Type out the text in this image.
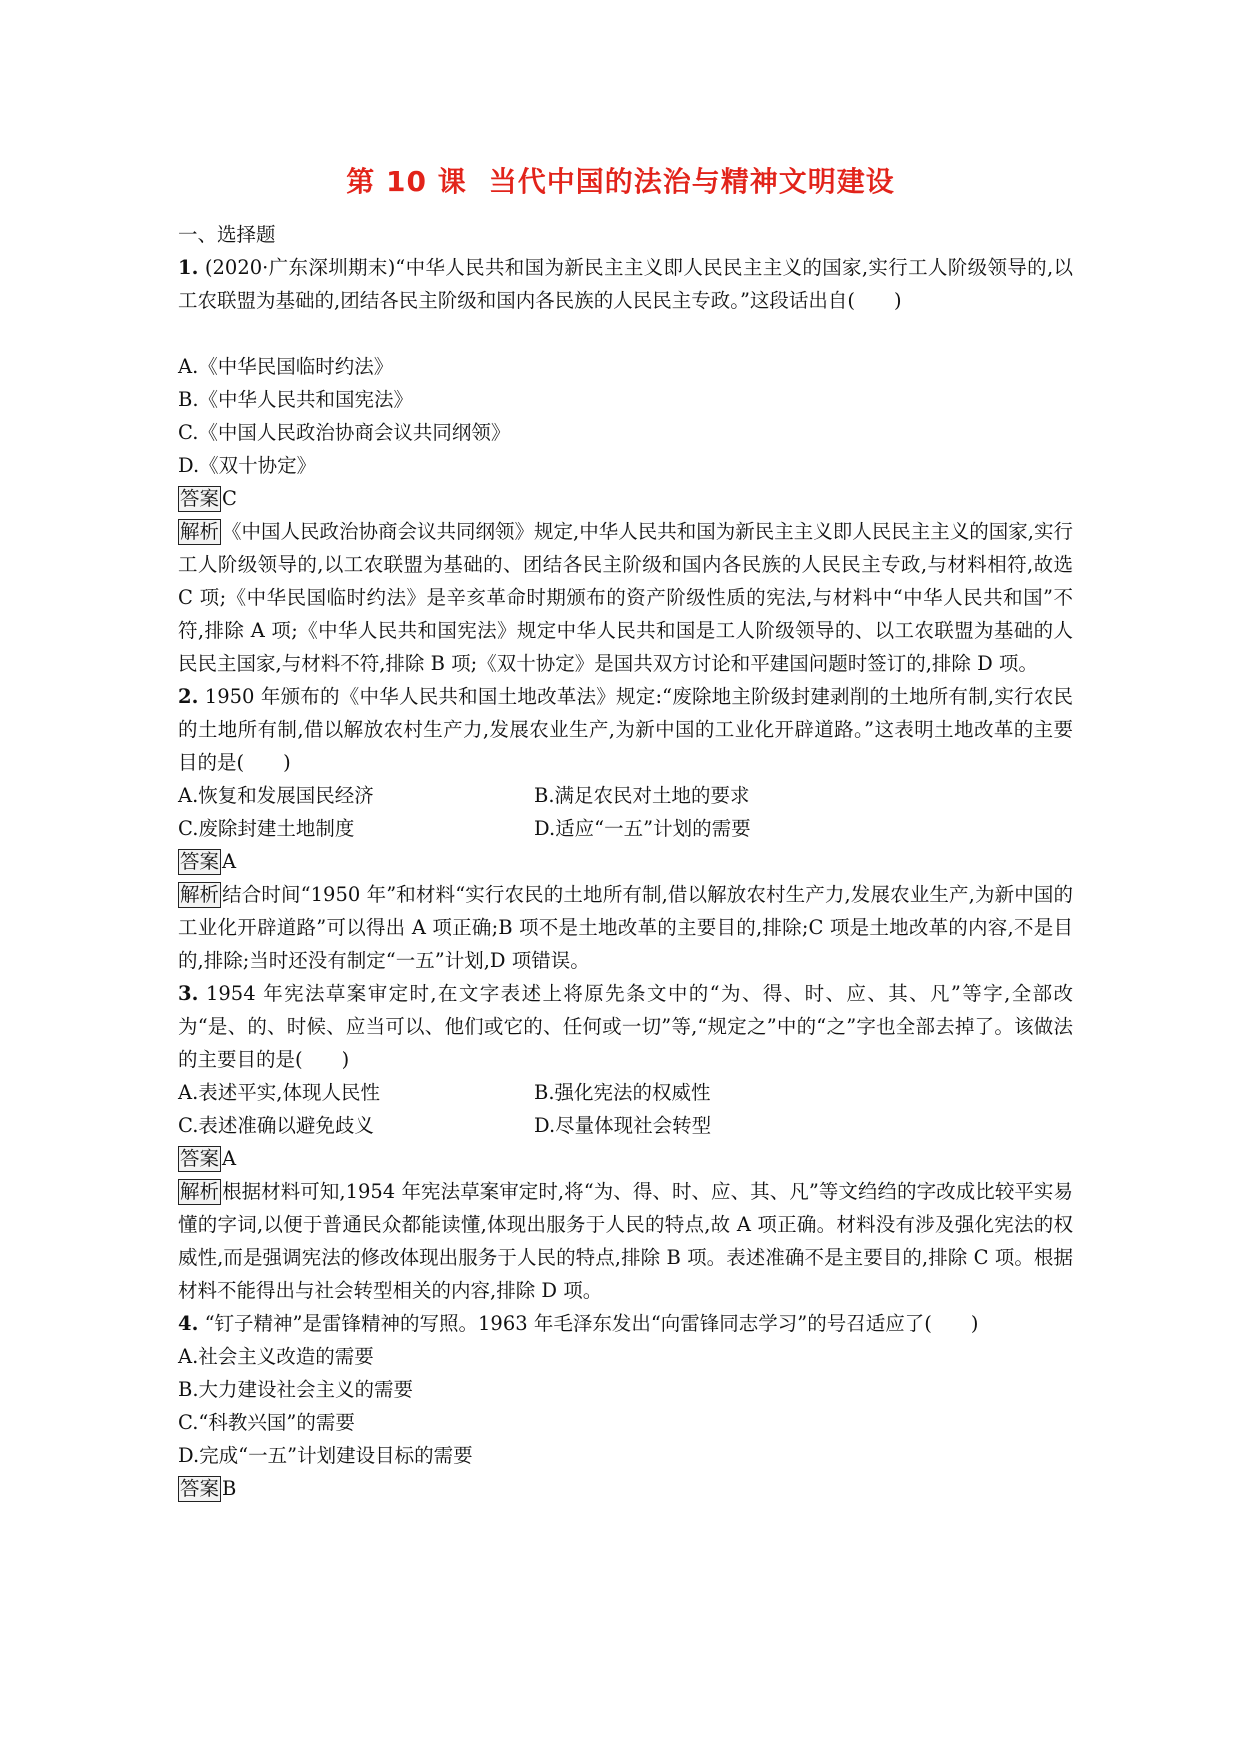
第 10 课 当代中国的法治与精神文明建设
一、选择题

1. (2020·广东深圳期末)“中华人民共和国为新民主主义即人民民主主义的国家,实行工人阶级领导的,以工农联盟为基础的,团结各民主阶级和国内各民族的人民民主专政。”这段话出自(　　)

A.《中华民国临时约法》
B.《中华人民共和国宪法》
C.《中国人民政治协商会议共同纲领》
D.《双十协定》
答案 C

解析 《中国人民政治协商会议共同纲领》规定,中华人民共和国为新民主主义即人民民主主义的国家,实行工人阶级领导的,以工农联盟为基础的、团结各民主阶级和国内各民族的人民民主专政,与材料相符,故选 C 项;《中华民国临时约法》是辛亥革命时期颁布的资产阶级性质的宪法,与材料中“中华人民共和国”不符,排除 A 项;《中华人民共和国宪法》规定中华人民共和国是工人阶级领导的、以工农联盟为基础的人民民主国家,与材料不符,排除 B 项;《双十协定》是国共双方讨论和平建国问题时签订的,排除 D 项。

2. 1950 年颁布的《中华人民共和国土地改革法》规定:“废除地主阶级封建剥削的土地所有制,实行农民的土地所有制,借以解放农村生产力,发展农业生产,为新中国的工业化开辟道路。”这表明土地改革的主要目的是(　　)

A.恢复和发展国民经济	B.满足农民对土地的要求
C.废除封建土地制度	D.适应“一五”计划的需要
答案 A

解析 结合时间“1950 年”和材料“实行农民的土地所有制,借以解放农村生产力,发展农业生产,为新中国的工业化开辟道路”可以得出 A 项正确;B 项不是土地改革的主要目的,排除;C 项是土地改革的内容,不是目的,排除;当时还没有制定“一五”计划,D 项错误。

3. 1954 年宪法草案审定时,在文字表述上将原先条文中的“为、得、时、应、其、凡”等字,全部改为“是、的、时候、应当可以、他们或它的、任何或一切”等,“规定之”中的“之”字也全部去掉了。该做法的主要目的是(　　)

A.表述平实,体现人民性	B.强化宪法的权威性
C.表述准确以避免歧义	D.尽量体现社会转型
答案 A

解析 根据材料可知,1954 年宪法草案审定时,将“为、得、时、应、其、凡”等文绉绉的字改成比较平实易懂的字词,以便于普通民众都能读懂,体现出服务于人民的特点,故 A 项正确。材料没有涉及强化宪法的权威性,而是强调宪法的修改体现出服务于人民的特点,排除 B 项。表述准确不是主要目的,排除 C 项。根据材料不能得出与社会转型相关的内容,排除 D 项。

4. “钉子精神”是雷锋精神的写照。1963 年毛泽东发出“向雷锋同志学习”的号召适应了(　　)

A.社会主义改造的需要
B.大力建设社会主义的需要
C.“科教兴国”的需要
D.完成“一五”计划建设目标的需要
答案 B
